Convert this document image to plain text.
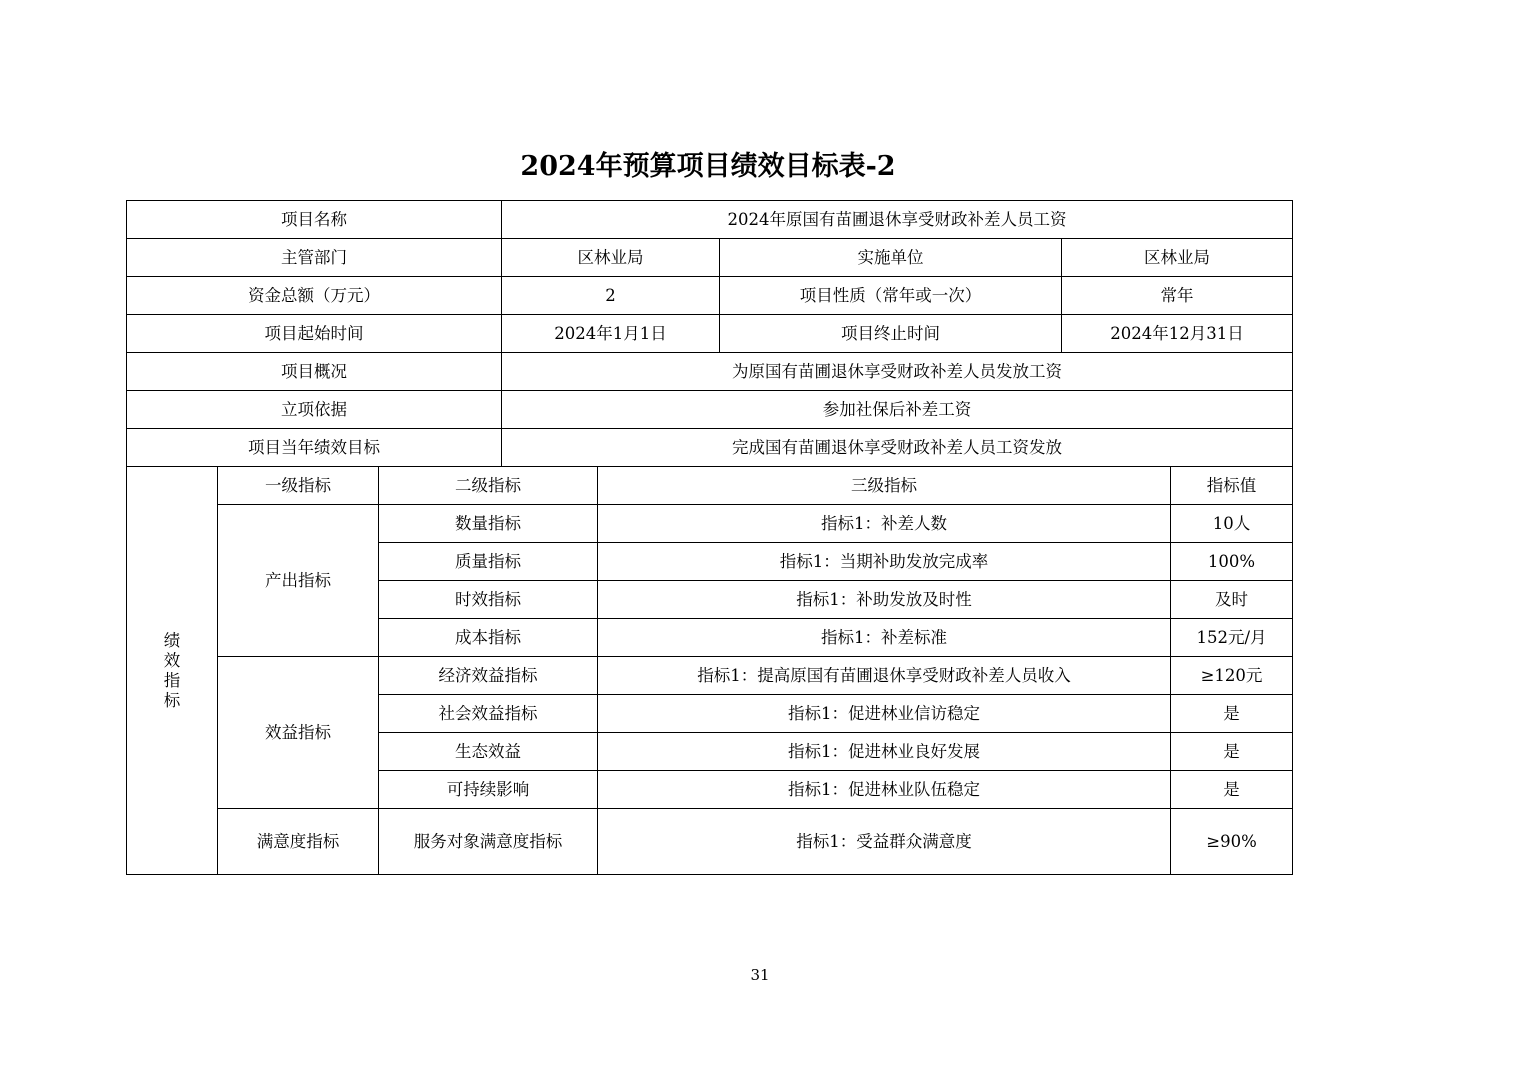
2024年预算项目绩效目标表-2
项目名称			2024年原国有苗圃退休享受财政补差人员工资				
主管部门			区林业局		实施单位	区林业局	
资金总额（万元）			2		项目性质（常年或一次）	常年	
项目起始时间			2024年1月1日		项目终止时间	2024年12月31日	
项目概况			为原国有苗圃退休享受财政补差人员发放工资				
立项依据			参加社保后补差工资				
项目当年绩效目标			完成国有苗圃退休享受财政补差人员工资发放				

绩
效
指
标	一级指标	二级指标		三级指标			指标值
	产出指标	数量指标		指标1：补差人数			10人
		质量指标		指标1：当期补助发放完成率			100%
		时效指标		指标1：补助发放及时性			及时
		成本指标		指标1：补差标准			152元/月
	效益指标	经济效益指标		指标1：提高原国有苗圃退休享受财政补差人员收入			≥120元
		社会效益指标		指标1：促进林业信访稳定			是
		生态效益		指标1：促进林业良好发展			是
		可持续影响		指标1：促进林业队伍稳定			是
	满意度指标	服务对象满意度指标		指标1：受益群众满意度			≥90%
31
